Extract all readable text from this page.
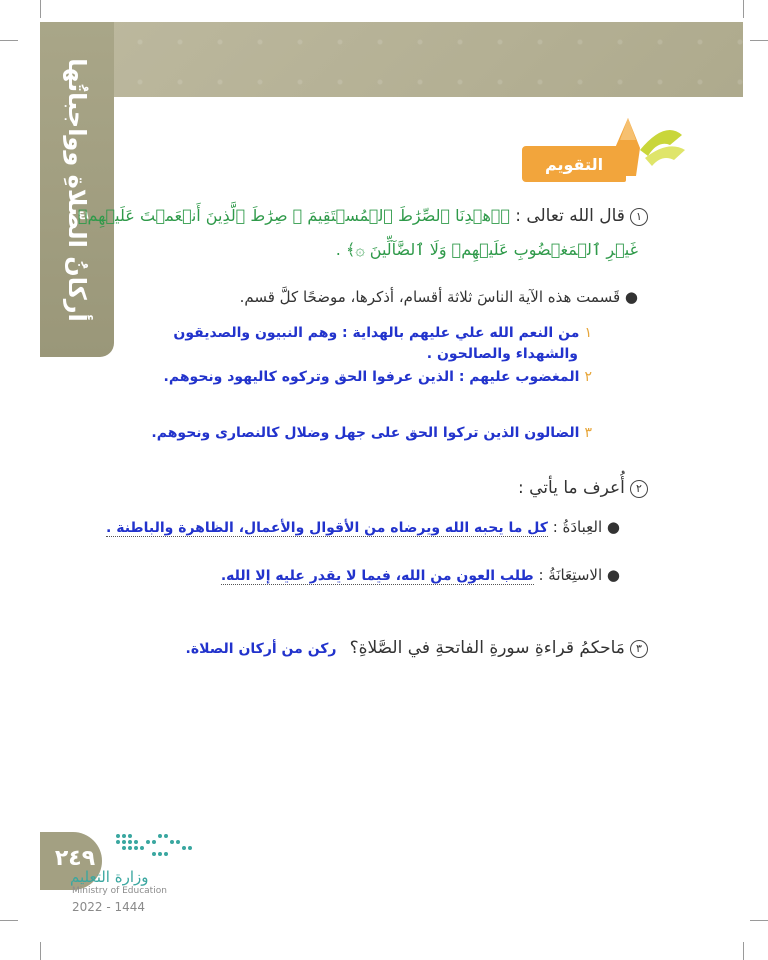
أركانُ الصَّلاةِ وواجباتُها	التقويم
١ قال الله تعالى : ﴿ٱهۡدِنَا ٱلصِّرَٰطَ ٱلۡمُسۡتَقِيمَ ۞ صِرَٰطَ ٱلَّذِينَ أَنۡعَمۡتَ عَلَيۡهِمۡ
غَيۡرِ ٱلۡمَغۡضُوبِ عَلَيۡهِمۡ وَلَا ٱلضَّآلِّينَ ۞﴾ .
● قَسمت هذه الآية الناسَ ثلاثة أقسام، أذكرها، موضحًا كلَّ قسم.
١ من النعم الله علي عليهم بالهداية : وهم النبيون والصديقون
والشهداء والصالحون .
٢ المغضوب عليهم : الذين عرفوا الحق وتركوه كاليهود ونحوهم.
٣ الضالون الذين تركوا الحق على جهل وضلال كالنصارى ونحوهم.
٢ أُعرف ما يأتي :
● العِبادَةُ : كل ما يحبه الله ويرضاه من الأقوال والأعمال، الظاهرة والباطنة .
● الاستِعَانَةُ : طلب العون من الله، فيما لا يقدر عليه إلا الله.
٣ مَاحكمُ قراءةِ سورةِ الفاتحةِ في الصَّلاةِ؟ ركن من أركان الصلاة.
٢٤٩
وزارة التعليم
Ministry of Education
2022 - 1444
